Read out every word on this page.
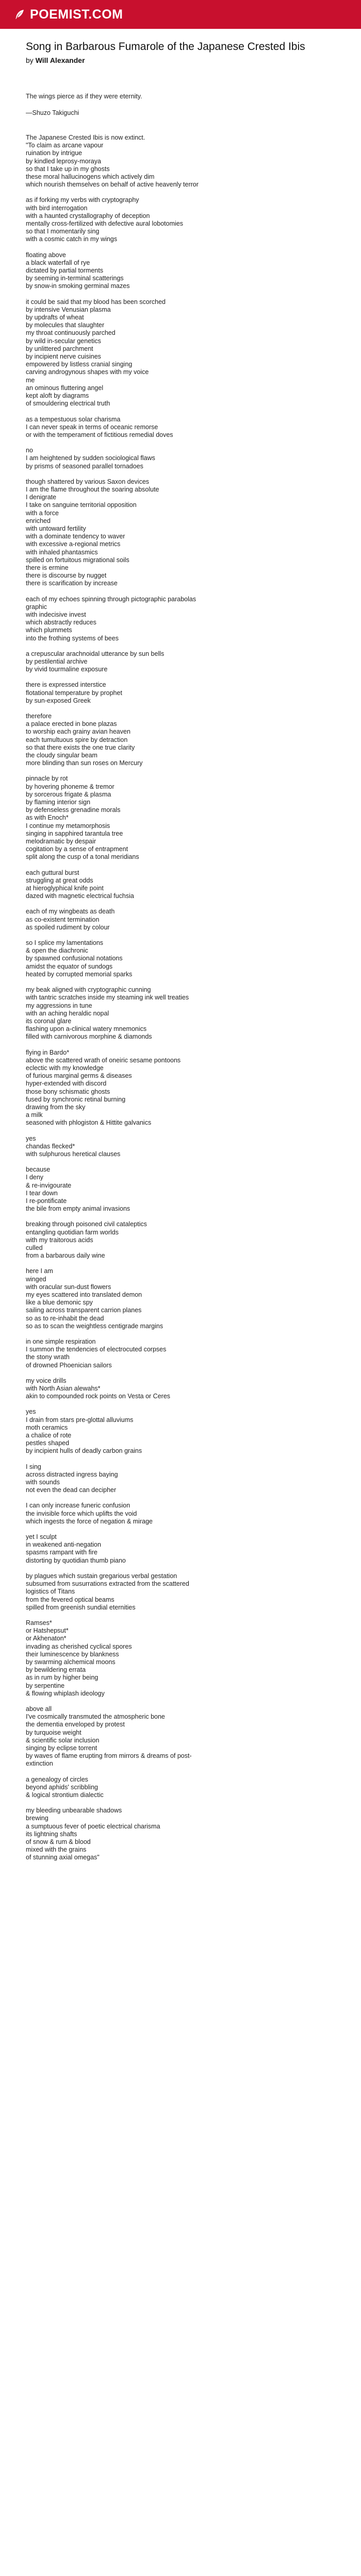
POEMIST.COM
Song in Barbarous Fumarole of the Japanese Crested Ibis
by Will Alexander

The wings pierce as if they were eternity.

—Shuzo Takiguchi

The Japanese Crested Ibis is now extinct.
"To claim as arcane vapour
ruination by intrigue
by kindled leprosy-moraya
so that I take up in my ghosts
these moral hallucinogens which actively dim
which nourish themselves on behalf of active heavenly terror
as if forking my verbs with cryptography
with bird interrogation
with a haunted crystallography of deception
mentally cross-fertilized with defective aural lobotomies
so that I momentarily sing
with a cosmic catch in my wings
floating above
a black waterfall of rye
dictated by partial torments
by seeming in-terminal scatterings
by snow-in smoking germinal mazes
it could be said that my blood has been scorched
by intensive Venusian plasma
by updrafts of wheat
by molecules that slaughter
my throat continuously parched
by wild in-secular genetics
by unlittered parchment
by incipient nerve cuisines
empowered by listless cranial singing
carving androgynous shapes with my voice
me
an ominous fluttering angel
kept aloft by diagrams
of smouldering electrical truth
as a tempestuous solar charisma
I can never speak in terms of oceanic remorse
or with the temperament of fictitious remedial doves
no
I am heightened by sudden sociological flaws
by prisms of seasoned parallel tornadoes
though shattered by various Saxon devices
I am the flame throughout the soaring absolute
I denigrate
I take on sanguine territorial opposition
with a force
enriched
with untoward fertility
with a dominate tendency to waver
with excessive a-regional metrics
with inhaled phantasmics
spilled on fortuitous migrational soils
there is ermine
there is discourse by nugget
there is scarification by increase
each of my echoes spinning through pictographic parabolas
graphic
with indecisive invest
which abstractly reduces
which plummets
into the frothing systems of bees
a crepuscular arachnoidal utterance by sun bells
by pestilential archive
by vivid tourmaline exposure
there is expressed interstice
flotational temperature by prophet
by sun-exposed Greek
therefore
a palace erected in bone plazas
to worship each grainy avian heaven
each tumultuous spire by detraction
so that there exists the one true clarity
the cloudy singular beam
more blinding than sun roses on Mercury
pinnacle by rot
by hovering phoneme & tremor
by sorcerous frigate & plasma
by flaming interior sign
by defenseless grenadine morals
as with Enoch*
I continue my metamorphosis
singing in sapphired tarantula tree
melodramatic by despair
cogitation by a sense of entrapment
split along the cusp of a tonal meridians
each guttural burst
struggling at great odds
at hieroglyphical knife point
dazed with magnetic electrical fuchsia
each of my wingbeats as death
as co-existent termination
as spoiled rudiment by colour
so I splice my lamentations
& open the diachronic
by spawned confusional notations
amidst the equator of sundogs
heated by corrupted memorial sparks
my beak aligned with cryptographic cunning
with tantric scratches inside my steaming ink well treaties
my aggressions in tune
with an aching heraldic nopal
its coronal glare
flashing upon a-clinical watery mnemonics
filled with carnivorous morphine & diamonds
flying in Bardo*
above the scattered wrath of oneiric sesame pontoons
eclectic with my knowledge
of furious marginal germs & diseases
hyper-extended with discord
those bony schismatic ghosts
fused by synchronic retinal burning
drawing from the sky
a milk
seasoned with phlogiston & Hittite galvanics
yes
chandas flecked*
with sulphurous heretical clauses
because
I deny
& re-invigourate
I tear down
I re-pontificate
the bile from empty animal invasions
breaking through poisoned civil cataleptics
entangling quotidian farm worlds
with my traitorous acids
culled
from a barbarous daily wine
here I am
winged
with oracular sun-dust flowers
my eyes scattered into translated demon
like a blue demonic spy
sailing across transparent carrion planes
so as to re-inhabit the dead
so as to scan the weightless centigrade margins
in one simple respiration
I summon the tendencies of electrocuted corpses
the stony wrath
of drowned Phoenician sailors
my voice drills
with North Asian alewahs*
akin to compounded rock points on Vesta or Ceres
yes
I drain from stars pre-glottal alluviums
moth ceramics
a chalice of rote
pestles shaped
by incipient hulls of deadly carbon grains
I sing
across distracted ingress baying
with sounds
not even the dead can decipher
I can only increase funeric confusion
the invisible force which uplifts the void
which ingests the force of negation & mirage
yet I sculpt
in weakened anti-negation
spasms rampant with fire
distorting by quotidian thumb piano
by plagues which sustain gregarious verbal gestation
subsumed from susurrations extracted from the scattered
logistics of Titans
from the fevered optical beams
spilled from greenish sundial eternities
Ramses*
or Hatshepsut*
or Akhenaton*
invading as cherished cyclical spores
their luminescence by blankness
by swarming alchemical moons
by bewildering errata
as in rum by higher being
by serpentine
& flowing whiplash ideology
above all
I've cosmically transmuted the atmospheric bone
the dementia enveloped by protest
by turquoise weight
& scientific solar inclusion
singing by eclipse torrent
by waves of flame erupting from mirrors & dreams of post-
extinction
a genealogy of circles
beyond aphids' scribbling
& logical strontium dialectic
my bleeding unbearable shadows
brewing
a sumptuous fever of poetic electrical charisma
its lightning shafts
of snow & rum & blood
mixed with the grains
of stunning axial omegas"
